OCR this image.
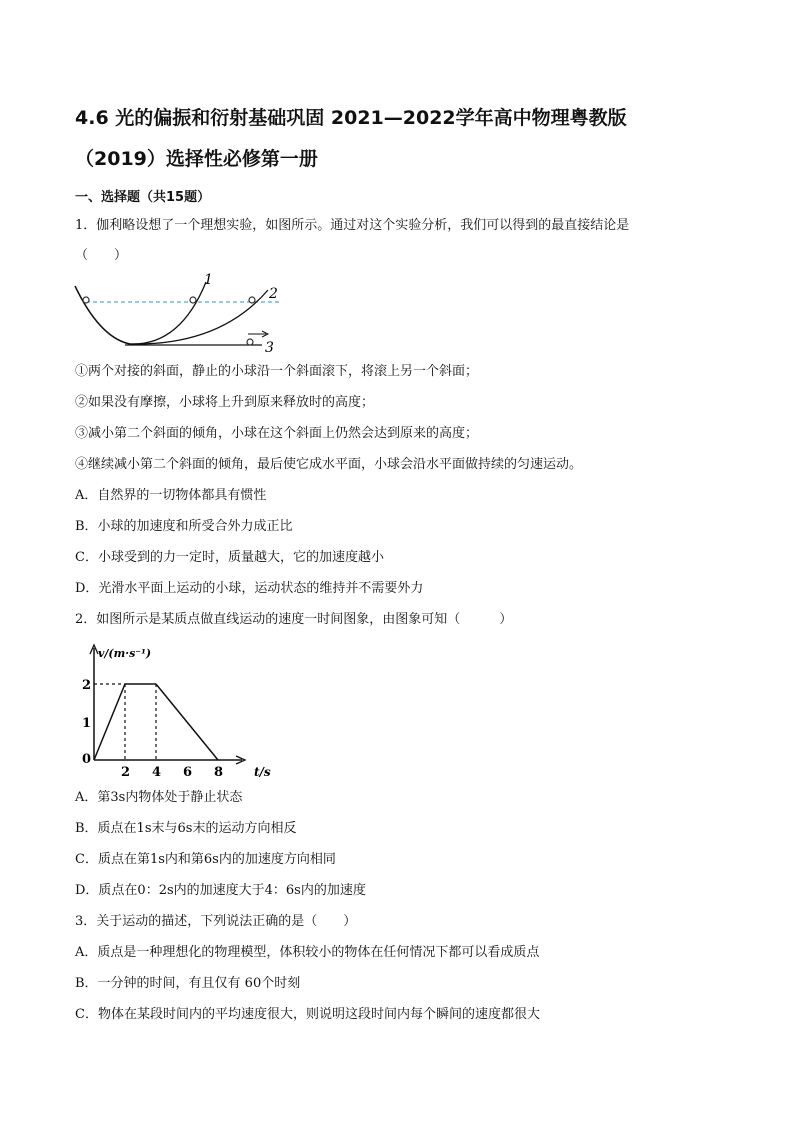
4.6 光的偏振和衍射基础巩固 2021—2022学年高中物理粤教版
（2019）选择性必修第一册
一、选择题（共15题）
1．伽利略设想了一个理想实验，如图所示。通过对这个实验分析，我们可以得到的最直接结论是
（　　）
1
2
3
①两个对接的斜面，静止的小球沿一个斜面滚下，将滚上另一个斜面；
②如果没有摩擦，小球将上升到原来释放时的高度；
③减小第二个斜面的倾角，小球在这个斜面上仍然会达到原来的高度；
④继续减小第二个斜面的倾角，最后使它成水平面，小球会沿水平面做持续的匀速运动。
A．自然界的一切物体都具有惯性
B．小球的加速度和所受合外力成正比
C．小球受到的力一定时，质量越大，它的加速度越小
D．光滑水平面上运动的小球，运动状态的维持并不需要外力
2．如图所示是某质点做直线运动的速度一时间图象，由图象可知（　　　）
v/(m·s⁻¹)
t/s
0
2 4 6 8
1
2
A．第3s内物体处于静止状态
B．质点在1s末与6s末的运动方向相反
C．质点在第1s内和第6s内的加速度方向相同
D．质点在0：2s内的加速度大于4：6s内的加速度
3．关于运动的描述，下列说法正确的是（　　）
A．质点是一种理想化的物理模型，体积较小的物体在任何情况下都可以看成质点
B．一分钟的时间，有且仅有 60个时刻
C．物体在某段时间内的平均速度很大，则说明这段时间内每个瞬间的速度都很大
